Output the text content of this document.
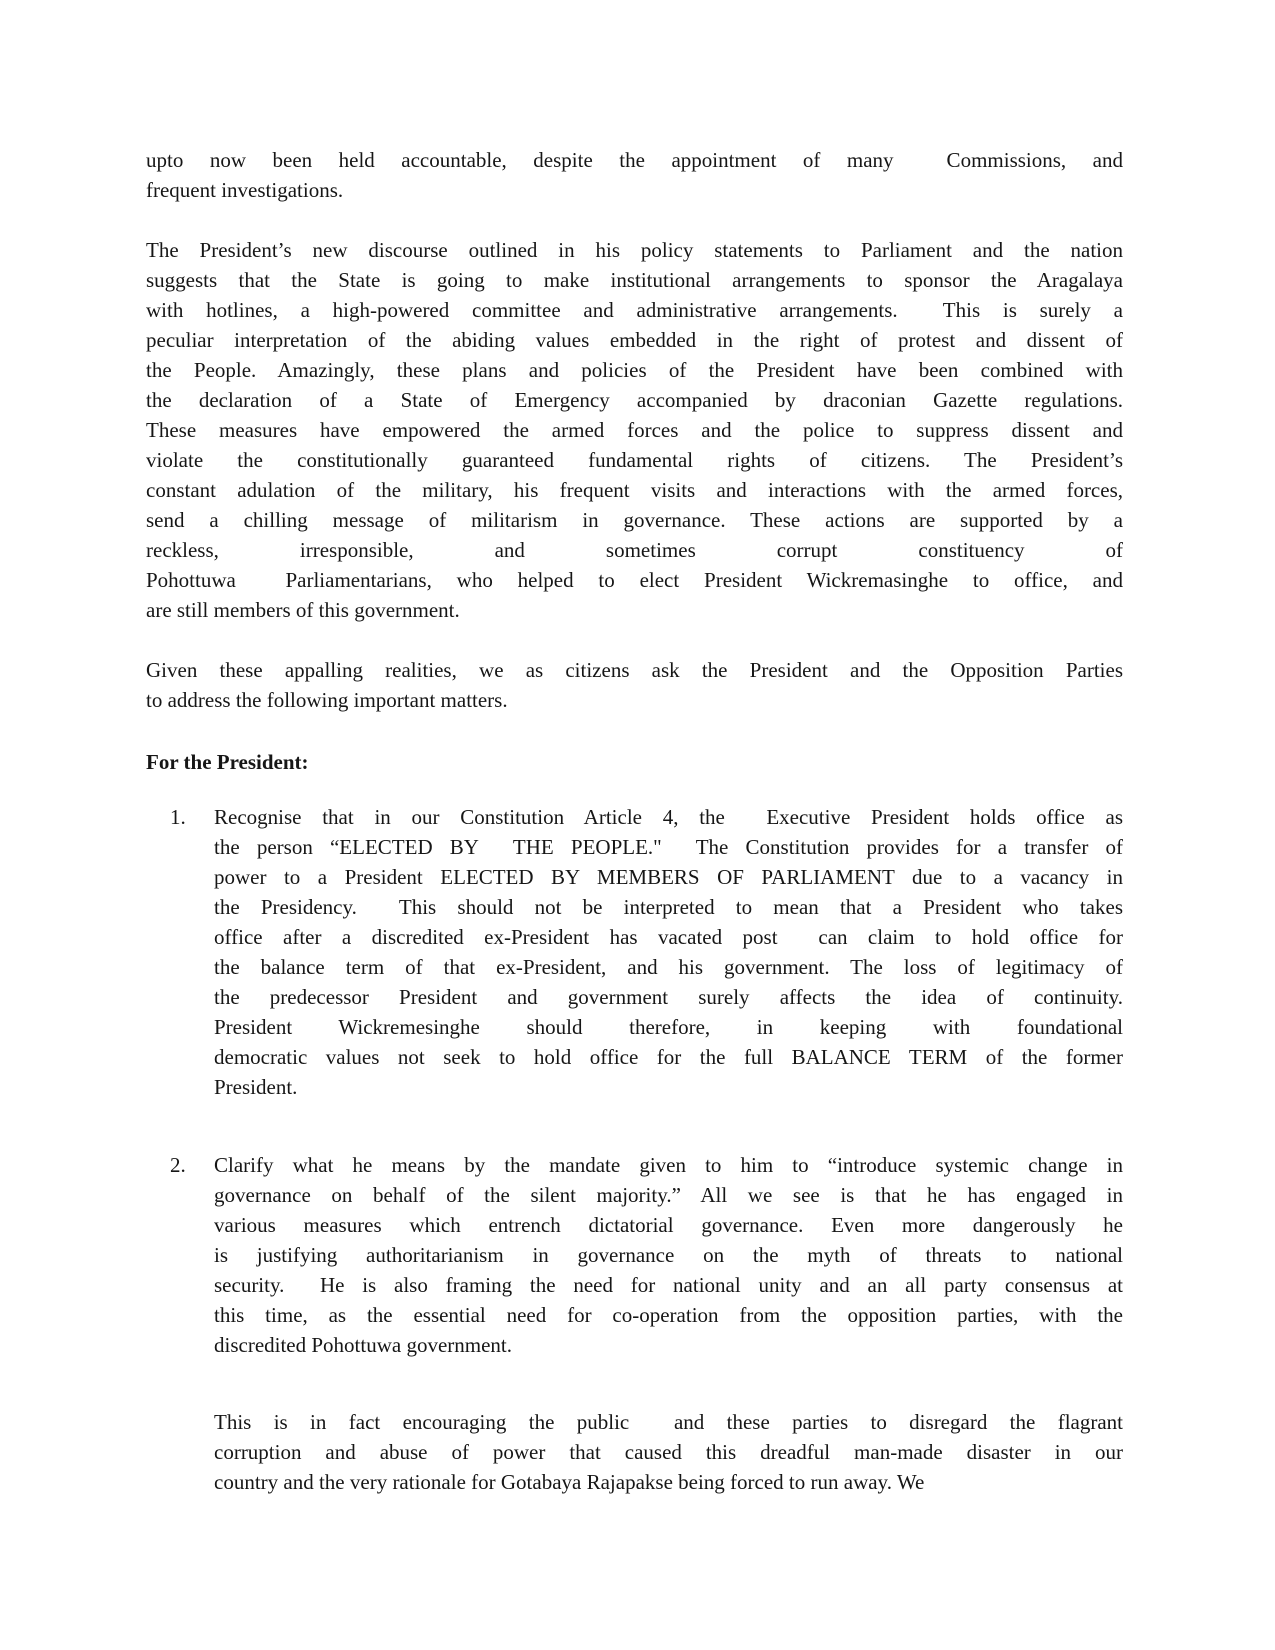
upto now been held accountable, despite the appointment of many  Commissions, and
frequent investigations.
The President’s new discourse outlined in his policy statements to Parliament and the nation
suggests that the State is going to make institutional arrangements to sponsor the Aragalaya
with hotlines, a high-powered committee and administrative arrangements.  This is surely a
peculiar interpretation of the abiding values embedded in the right of protest and dissent of
the People. Amazingly, these plans and policies of the President have been combined with
the declaration of a State of Emergency accompanied by draconian Gazette regulations.
These measures have empowered the armed forces and the police to suppress dissent and
violate the constitutionally guaranteed fundamental rights of citizens. The President’s
constant adulation of the military, his frequent visits and interactions with the armed forces,
send a chilling message of militarism in governance. These actions are supported by a
reckless, irresponsible, and sometimes corrupt constituency of
Pohottuwa  Parliamentarians, who helped to elect President Wickremasinghe to office, and
are still members of this government.
Given these appalling realities, we as citizens ask the President and the Opposition Parties
to address the following important matters.
For the President:
1. Recognise that in our Constitution Article 4, the  Executive President holds office as
the person “ELECTED BY  THE PEOPLE."  The Constitution provides for a transfer of
power to a President ELECTED BY MEMBERS OF PARLIAMENT due to a vacancy in
the Presidency.  This should not be interpreted to mean that a President who takes
office after a discredited ex-President has vacated post  can claim to hold office for
the balance term of that ex-President, and his government. The loss of legitimacy of
the predecessor President and government surely affects the idea of continuity.
President Wickremesinghe should therefore, in keeping with foundational
democratic values not seek to hold office for the full BALANCE TERM of the former
President.
2. Clarify what he means by the mandate given to him to “introduce systemic change in
governance on behalf of the silent majority.” All we see is that he has engaged in
various measures which entrench dictatorial governance. Even more dangerously he
is justifying authoritarianism in governance on the myth of threats to national
security.  He is also framing the need for national unity and an all party consensus at
this time, as the essential need for co-operation from the opposition parties, with the
discredited Pohottuwa government.
This is in fact encouraging the public  and these parties to disregard the flagrant
corruption and abuse of power that caused this dreadful man-made disaster in our
country and the very rationale for Gotabaya Rajapakse being forced to run away. We
